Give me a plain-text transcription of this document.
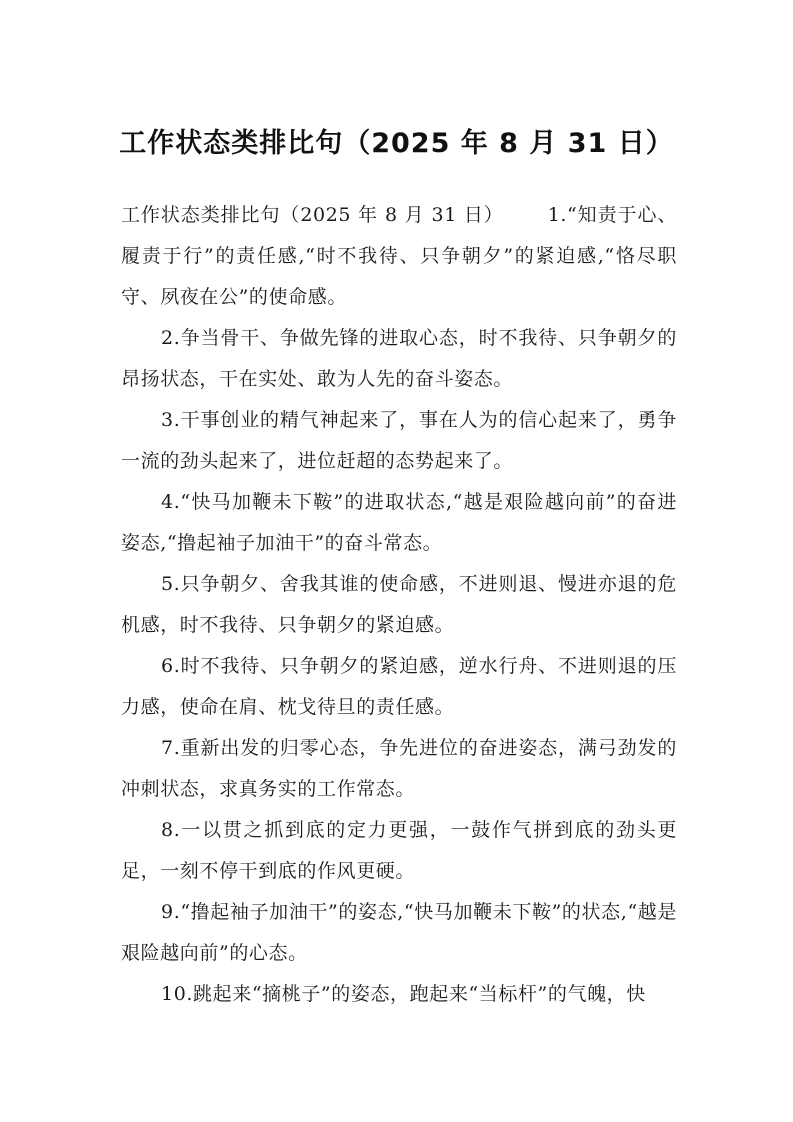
工作状态类排比句（2025 年 8 月 31 日）

工作状态类排比句（2025 年 8 月 31 日） 1.“知责于心、履责于行”的责任感,“时不我待、只争朝夕”的紧迫感,“恪尽职守、夙夜在公”的使命感。

2.争当骨干、争做先锋的进取心态，时不我待、只争朝夕的昂扬状态，干在实处、敢为人先的奋斗姿态。

3.干事创业的精气神起来了，事在人为的信心起来了，勇争一流的劲头起来了，进位赶超的态势起来了。

4.“快马加鞭未下鞍”的进取状态,“越是艰险越向前”的奋进姿态,“撸起袖子加油干”的奋斗常态。

5.只争朝夕、舍我其谁的使命感，不进则退、慢进亦退的危机感，时不我待、只争朝夕的紧迫感。

6.时不我待、只争朝夕的紧迫感，逆水行舟、不进则退的压力感，使命在肩、枕戈待旦的责任感。

7.重新出发的归零心态，争先进位的奋进姿态，满弓劲发的冲刺状态，求真务实的工作常态。

8.一以贯之抓到底的定力更强，一鼓作气拼到底的劲头更足，一刻不停干到底的作风更硬。

9.“撸起袖子加油干”的姿态,“快马加鞭未下鞍”的状态,“越是艰险越向前”的心态。

10.跳起来“摘桃子”的姿态，跑起来“当标杆”的气魄，快
